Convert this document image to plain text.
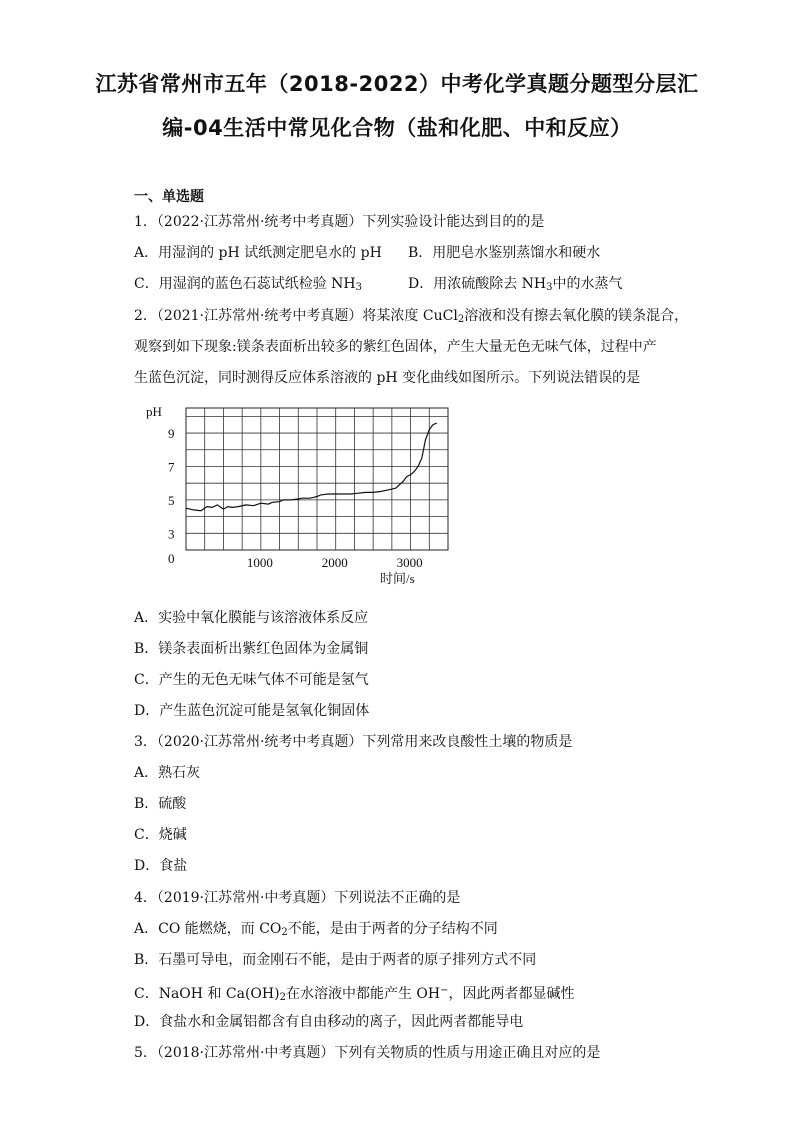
江苏省常州市五年（2018-2022）中考化学真题分题型分层汇
编-04生活中常见化合物（盐和化肥、中和反应）
一、单选题
1．（2022·江苏常州·统考中考真题）下列实验设计能达到目的的是
A．用湿润的 pH 试纸测定肥皂水的 pH B．用肥皂水鉴别蒸馏水和硬水
C．用湿润的蓝色石蕊试纸检验 $NH_3$	D．用浓硫酸除去 $NH_3$中的水蒸气
2．（2021·江苏常州·统考中考真题）将某浓度 CuCl$_2$溶液和没有擦去氧化膜的镁条混合，
观察到如下现象:镁条表面析出较多的紫红色固体，产生大量无色无味气体，过程中产
生蓝色沉淀，同时测得反应体系溶液的 pH 变化曲线如图所示。下列说法错误的是
3
5
7
9
1000	2000	3000
pH
时间/s
0
A．实验中氧化膜能与该溶液体系反应
B．镁条表面析出紫红色固体为金属铜
C．产生的无色无味气体不可能是氢气
D．产生蓝色沉淀可能是氢氧化铜固体
3．（2020·江苏常州·统考中考真题）下列常用来改良酸性土壤的物质是
A．熟石灰
B．硫酸
C．烧碱
D．食盐
4．（2019·江苏常州·中考真题）下列说法不正确的是
A．CO 能燃烧，而 $CO_2$不能，是由于两者的分子结构不同
B．石墨可导电，而金刚石不能，是由于两者的原子排列方式不同
C．NaOH 和 $Ca(OH)_2$在水溶液中都能产生 OH−，因此两者都显碱性
D．食盐水和金属铝都含有自由移动的离子，因此两者都能导电
5．（2018·江苏常州·中考真题）下列有关物质的性质与用途正确且对应的是
